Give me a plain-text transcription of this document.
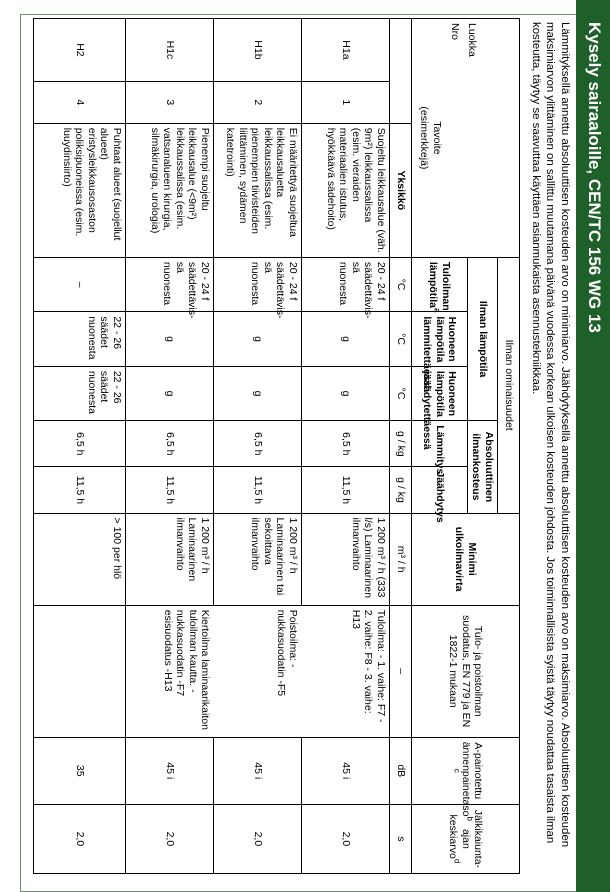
Kysely sairaaloille, CEN/TC 156 WG 13
Lämmityksellä annettu absoluuttisen kosteuden arvo on minimiarvo. Jäähdytyksellä annettu absoluuttisen kosteuden arvo on maksimiarvo. Absoluuttisen kosteuden maksimiarvon ylittäminen on sallittu muutamana päivänä vuodessa korkean ulkoisen kosteuden johdosta. Jos toiminnallisista syistä täytyy noudattaa tasaista ilman kosteutta, täytyy se saavuttaa käyttäen asianmukaista asennustekniikkaa.
Luokka
Nro
Tavoite
(esimerkkejä)			Ilman ominaisuudet					Minimi ulkoilmavirta	Tulo- ja poistoilman suodatus, EN 779 ja EN 1822-1 mukaan	A-painotettu ännenpainetaso$^{b c}$	Jälkikaiunta-ajan keskiarvo$^d$
			Ilman lämpötila			Absoluuttinen ilmankosteus					
			Tuloilman lämpötila$^a$	Huoneen lämpötila lämmitettäessä	Huoneen lämpötila jäähdytettäessä	Lämmitys	Jäähdytys				
		Yksikkö	°C	°C	°C	g / kg	g / kg	m³ / h	–	dB	s
H1a	1	Suojeltu leikkausalue (väh. 9m²) leikkaussalissa (esim. vieraiden materiaalien istutus, hyökkäävä sädehoito)	20 - 24 f säädettävis-sä nuonesta	g	g	6,5 h	11,5 h	1 200 m³ / h (333 l/s) Laminaarinen ilmanvaihto	Tuloilma: - 1. vaihe: F7 - 2. vaihe: F8 - 3. vaihe: H13	45 i	2,0
H1b	2	Ei määritettyä suojeltua leikkausaluetta leikkaussalissa (esim. pienempien tiivisteiden liittäminen, sydämen katetrointi)	20 - 24 f säädettävis-sä nuonesta	g	g	6,5 h	11,5 h	1 200 m³ / h Laminaarinen tai sekoittava ilmanvaihto	Poistoilma: -nukkasuodatin -F5	45 i	2,0
H1c	3	Pienempi suojeltu leikkausalue (<9m²) leikkaussalissa (esim. vatsanalueen kirurgia, silmäkirurgia, urologia)	20 - 24 f säädettävis-sä nuonesta	g	g	6,5 h	11,5 h	1 200 m³ / h Laminaarinen ilmanvaihto	Kiertoilma laminaarikaiton tuloilman kautta. -nukkasuodatin -F7 esisuodatus -H13	45 i	2,0
H2	4	Puhtaat alueet (suojellut alueet) eristysleikkausosaston poliksipuoneissa (esim. luuydinsiirto)	–	22 - 26 säädet nuonesta	22 - 26 säädet nuonesta	6,5 h	11,5 h	> 100 per hlö		35	2,0
